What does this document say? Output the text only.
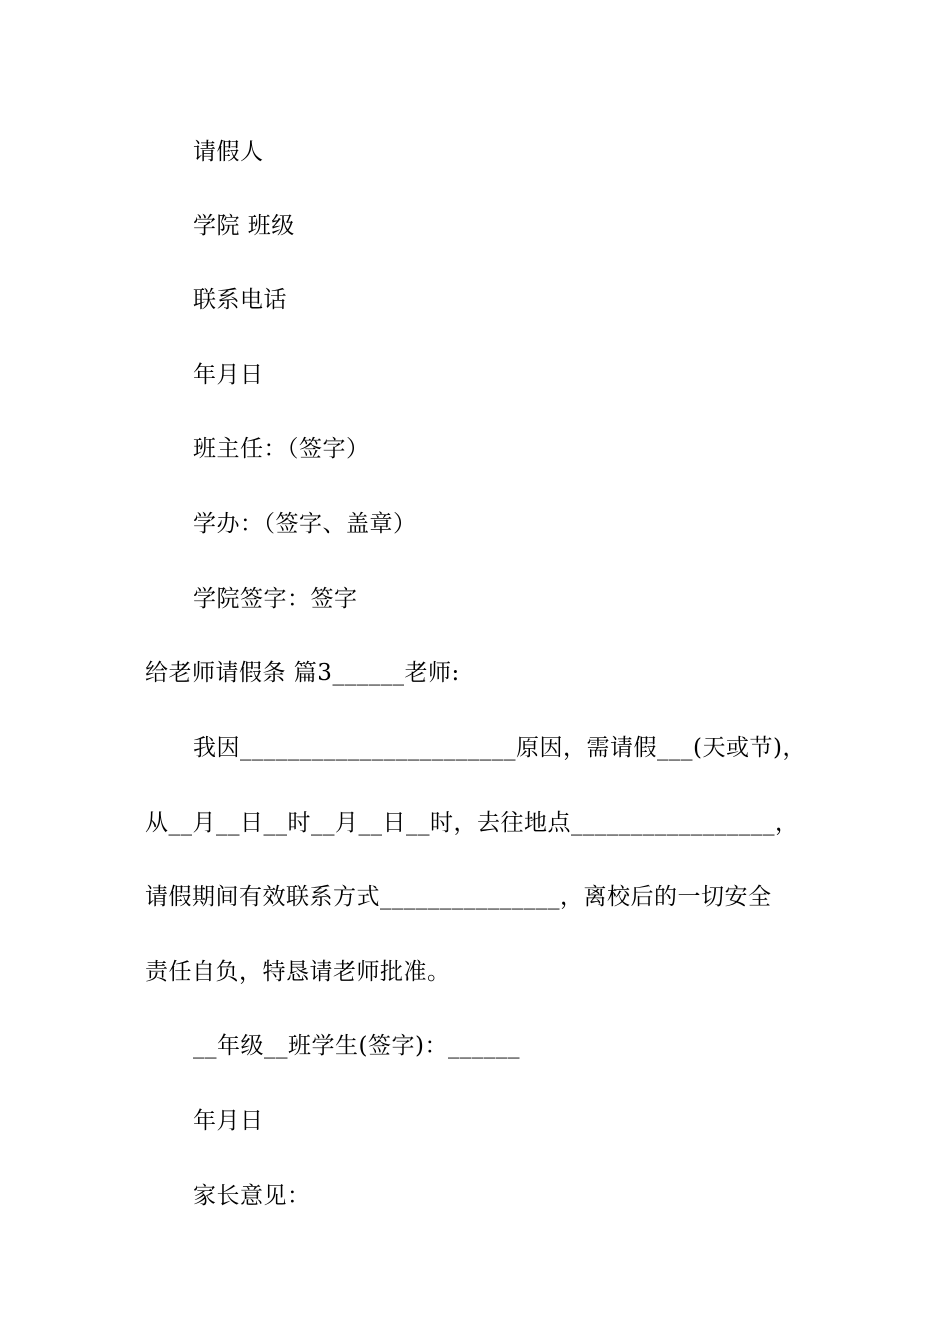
请假人
学院 班级
联系电话
年月日
班主任：（签字）
学办：（签字、盖章）
学院签字：签字
给老师请假条 篇3______老师:
我因_______________________原因，需请假___(天或节)，
从__月__日__时__月__日__时，去往地点_________________，
请假期间有效联系方式_______________，离校后的一切安全
责任自负，特恳请老师批准。
__年级__班学生(签字)：______
年月日
家长意见：
